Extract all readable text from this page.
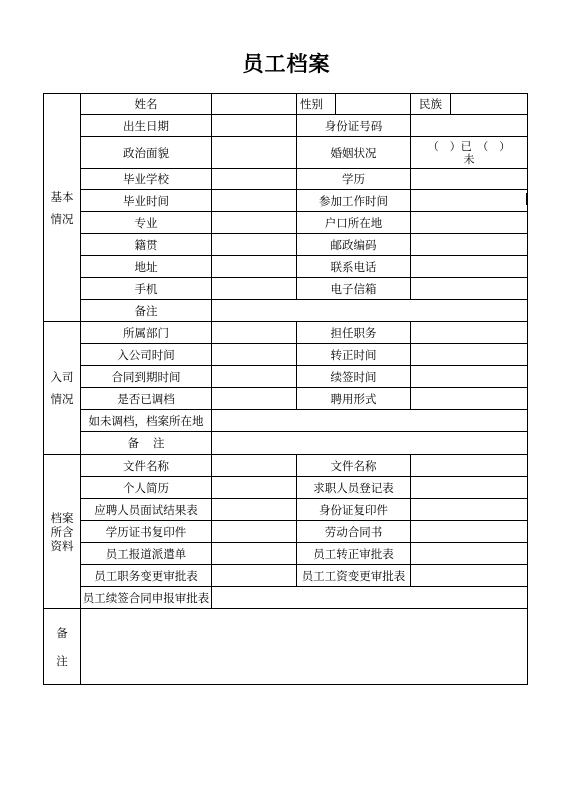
员工档案
基本
情况	姓名		性别		民族	
	出生日期		身份证号码			
	政治面貌		婚姻状况		（　）已　（　）
未	

	毕业学校		学历			
	毕业时间		参加工作时间			
	专业		户口所在地			
	籍贯		邮政编码			
	地址		联系电话			
	手机		电子信箱			
	备注					

入司
情况	所属部门		担任职务			
	入公司时间		转正时间			
	合同到期时间		续签时间			
	是否已调档		聘用形式			
	如未调档，档案所在地					
	备注					

档案
所含
资料	文件名称		文件名称			
	个人简历		求职人员登记表			
	应聘人员面试结果表		身份证复印件			
	学历证书复印件		劳动合同书			
	员工报道派遣单		员工转正审批表			
	员工职务变更审批表		员工工资变更审批表			
	员工续签合同申报审批表					

备
注						
